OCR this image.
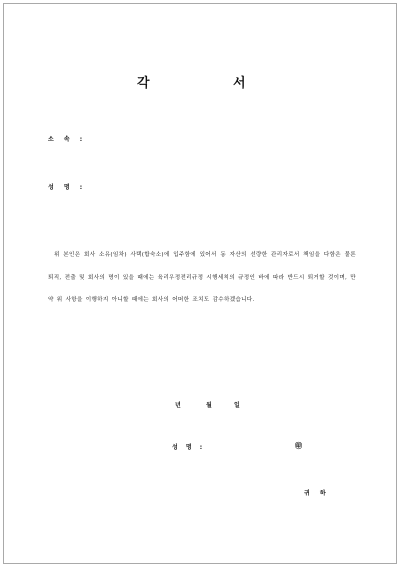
각	서
소 속 :
성 명 :
위 본인은 회사 소유(임차) 사택(합숙소)에 입주함에 있어서 동 자산의 선량한 관리자로서 책임을 다함은 물론 퇴직, 전출 및 회사의 명이 있을 때에는 육리우정전리규정 시행세칙의 규정인 바에 따라 반드시 퇴거할 것이며, 만약 위 사항을 이행하지 아니할 때에는 회사의 어떠한 조치도 감수하겠습니다.
년	월	일
성 명 :	㊞
귀 하
